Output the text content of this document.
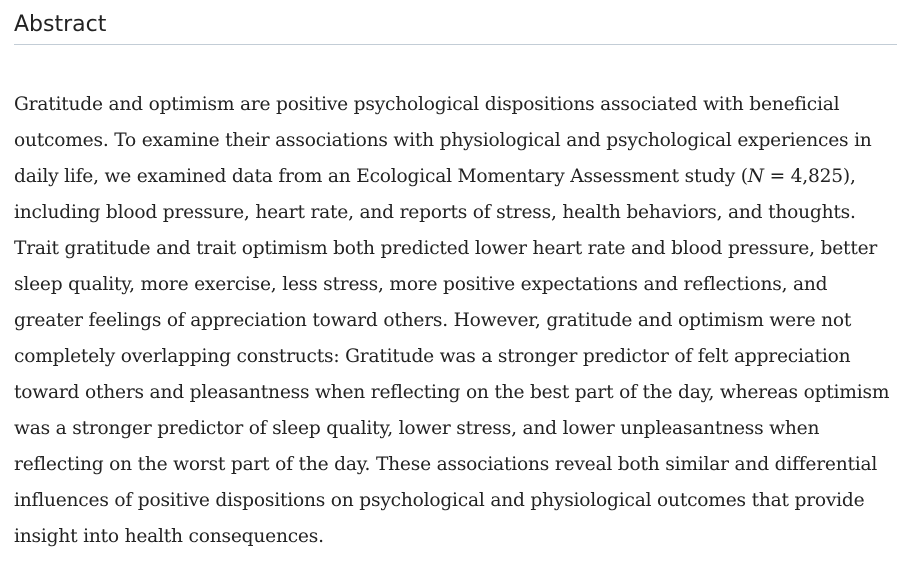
Abstract

Gratitude and optimism are positive psychological dispositions associated with beneficial outcomes. To examine their associations with physiological and psychological experiences in daily life, we examined data from an Ecological Momentary Assessment study (N = 4,825), including blood pressure, heart rate, and reports of stress, health behaviors, and thoughts. Trait gratitude and trait optimism both predicted lower heart rate and blood pressure, better sleep quality, more exercise, less stress, more positive expectations and reflections, and greater feelings of appreciation toward others. However, gratitude and optimism were not completely overlapping constructs: Gratitude was a stronger predictor of felt appreciation toward others and pleasantness when reflecting on the best part of the day, whereas optimism was a stronger predictor of sleep quality, lower stress, and lower unpleasantness when reflecting on the worst part of the day. These associations reveal both similar and differential influences of positive dispositions on psychological and physiological outcomes that provide insight into health consequences.
